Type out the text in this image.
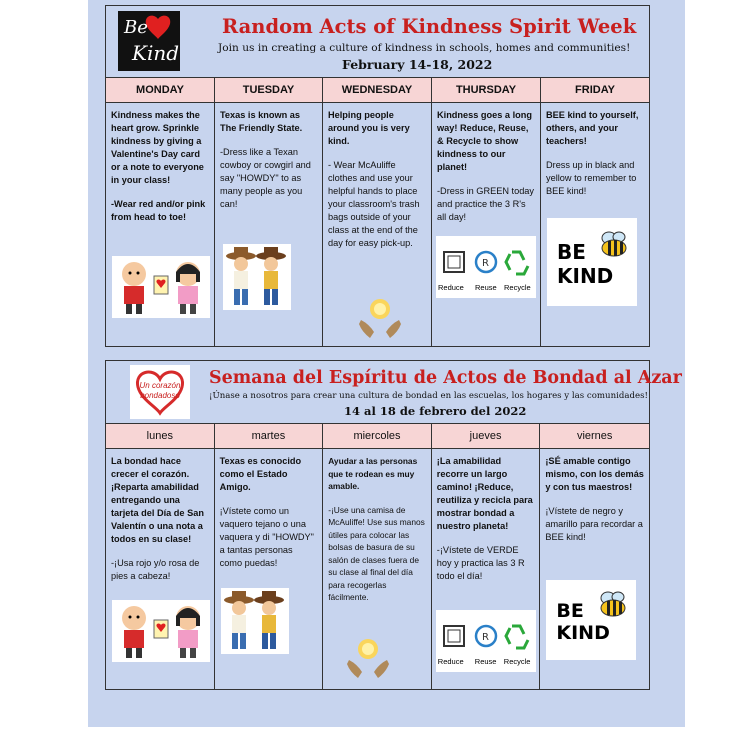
Be
Kind
Random Acts of Kindness Spirit Week
Join us in creating a culture of kindness in schools, homes and communities!
February 14-18, 2022
MONDAY

Kindness makes the heart grow. Sprinkle kindness by giving a Valentine's Day card or a note to everyone in your class!

-Wear red and/or pink from head to toe!

TUESDAY

Texas is known as The Friendly State.

-Dress like a Texan cowboy or cowgirl and say "HOWDY" to as many people as you can!

WEDNESDAY

Helping people around you is very kind.

- Wear McAuliffe clothes and use your helpful hands to place your classroom's trash bags outside of your class at the end of the day for easy pick-up.

THURSDAY

Kindness goes a long way! Reduce, Reuse, & Recycle to show kindness to our planet!

-Dress in GREEN today and practice the 3 R's all day!

R
Reduce Reuse Recycle
FRIDAY

BEE kind to yourself, others, and your teachers!

Dress up in black and yellow to remember to BEE kind!

BE
KIND
Un corazón bondadoso
Semana del Espíritu de Actos de Bondad al Azar
¡Únase a nosotros para crear una cultura de bondad en las escuelas, los hogares y las comunidades!
14 al 18 de febrero del 2022
lunes

La bondad hace crecer el corazón. ¡Reparta amabilidad entregando una tarjeta del Día de San Valentín o una nota a todos en su clase!

-¡Usa rojo y/o rosa de pies a cabeza!

martes

Texas es conocido como el Estado Amigo.

¡Vístete como un vaquero tejano o una vaquera y di "HOWDY" a tantas personas como puedas!

miercoles

Ayudar a las personas que te rodean es muy amable.

-¡Use una camisa de McAuliffe! Use sus manos útiles para colocar las bolsas de basura de su salón de clases fuera de su clase al final del día para recogerlas fácilmente.

jueves

¡La amabilidad recorre un largo camino! ¡Reduce, reutiliza y recicla para mostrar bondad a nuestro planeta!

-¡Vístete de VERDE hoy y practica las 3 R todo el día!

R
Reduce Reuse Recycle
viernes

¡SÉ amable contigo mismo, con los demás y con tus maestros!

¡Vístete de negro y amarillo para recordar a BEE kind!

BE
KIND
